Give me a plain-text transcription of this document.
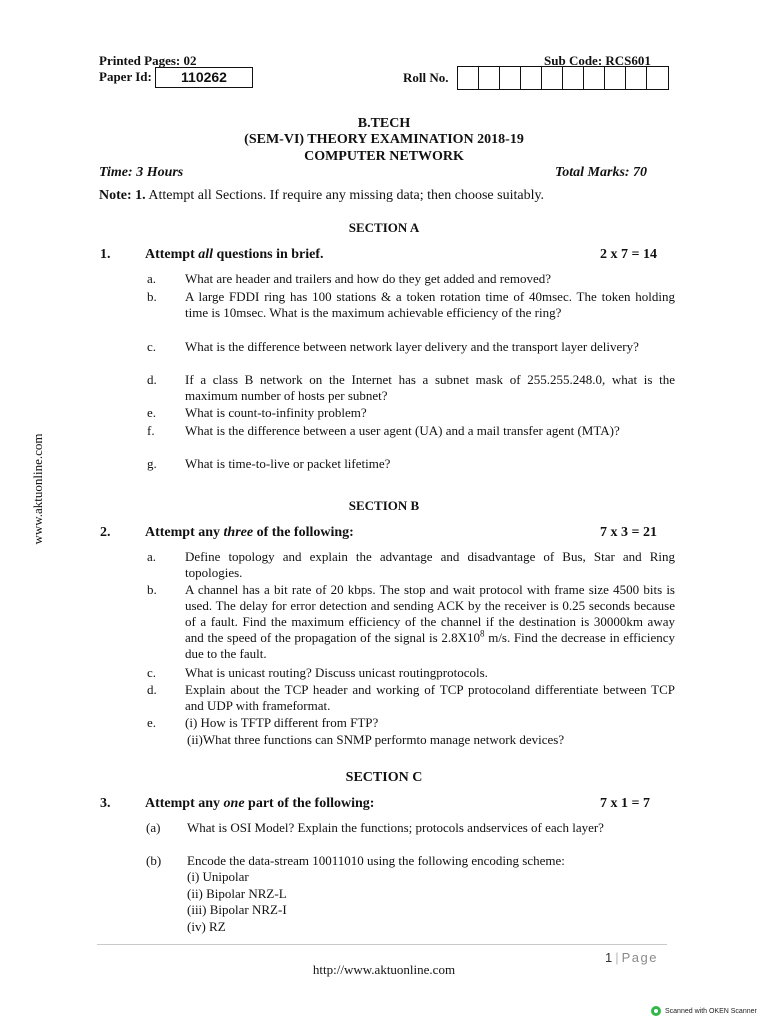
Printed Pages: 02	Sub Code: RCS601
Paper Id:	110262	Roll No.
B.TECH
(SEM-VI) THEORY EXAMINATION 2018-19
COMPUTER NETWORK
Time: 3 Hours	Total Marks: 70
Note: 1. Attempt all Sections. If require any missing data; then choose suitably.
www.aktuonline.com
SECTION A
1. Attempt all questions in brief.	2 x 7 = 14
a. What are header and trailers and how do they get added and removed?
b. A large FDDI ring has 100 stations & a token rotation time of 40msec. The token holding time is 10msec. What is the maximum achievable efficiency of the ring?
c. What is the difference between network layer delivery and the transport layer delivery?
d. If a class B network on the Internet has a subnet mask of 255.255.248.0, what is the maximum number of hosts per subnet?
e. What is count-to-infinity problem?
f. What is the difference between a user agent (UA) and a mail transfer agent (MTA)?
g. What is time-to-live or packet lifetime?
SECTION B
2. Attempt any three of the following:	7 x 3 = 21
a. Define topology and explain the advantage and disadvantage of Bus, Star and Ring topologies.
b. A channel has a bit rate of 20 kbps. The stop and wait protocol with frame size 4500 bits is used. The delay for error detection and sending ACK by the receiver is 0.25 seconds because of a fault. Find the maximum efficiency of the channel if the destination is 30000km away and the speed of the propagation of the signal is $2.8X10^8$ m/s. Find the decrease in efficiency due to the fault.
c. What is unicast routing? Discuss unicast routingprotocols.
d. Explain about the TCP header and working of TCP protocoland differentiate between TCP and UDP with frameformat.
e. (i) How is TFTP different from FTP?
(ii)What three functions can SNMP performto manage network devices?
SECTION C
3. Attempt any one part of the following:	7 x 1 = 7
(a) What is OSI Model? Explain the functions; protocols andservices of each layer?
(b) Encode the data-stream 10011010 using the following encoding scheme:
(i) Unipolar
(ii) Bipolar NRZ-L
(iii) Bipolar NRZ-I
(iv) RZ
1 | Page
http://www.aktuonline.com
Scanned with OKEN Scanner
